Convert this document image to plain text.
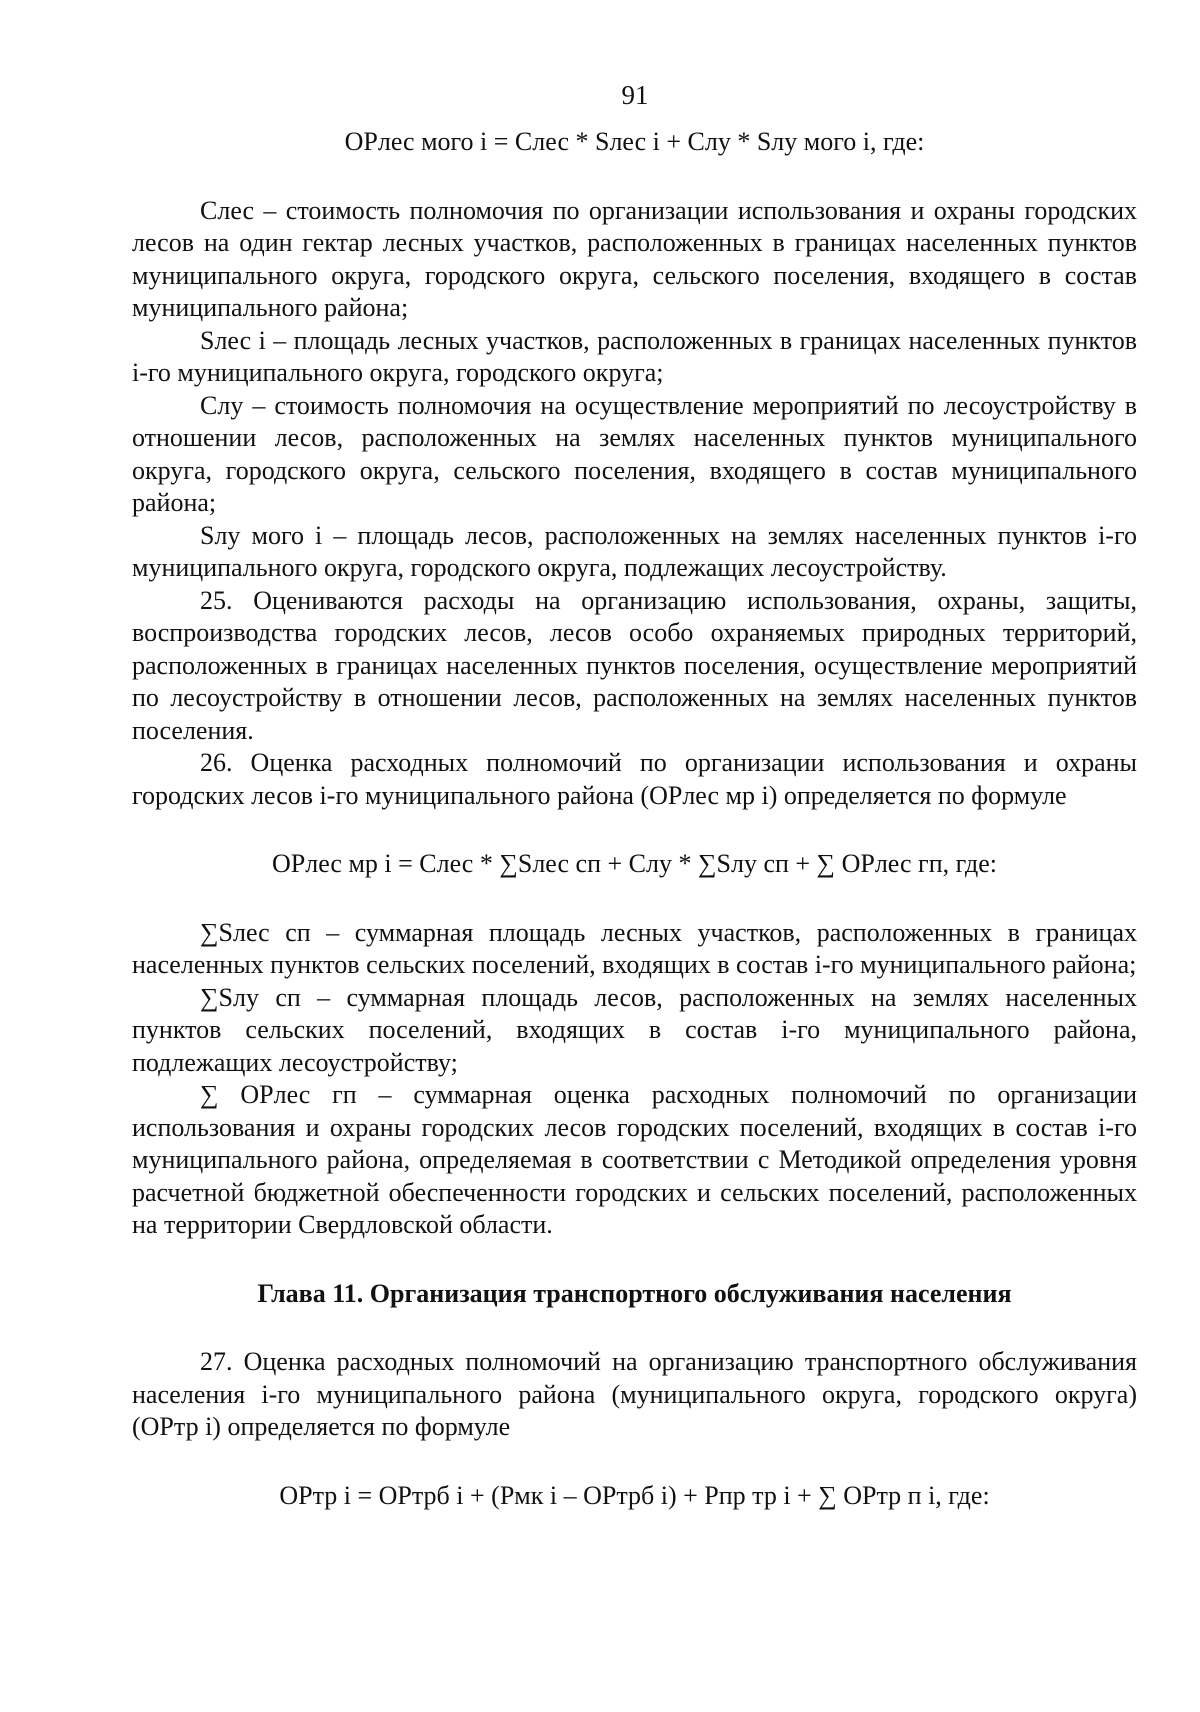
91
ОРлес мого i = Слес * Sлес i + Слу * Sлу мого i, где:

Слес – стоимость полномочия по организации использования и охраны городских лесов на один гектар лесных участков, расположенных в границах населенных пунктов муниципального округа, городского округа, сельского поселения, входящего в состав муниципального района;

Sлес i – площадь лесных участков, расположенных в границах населенных пунктов i-го муниципального округа, городского округа;

Слу – стоимость полномочия на осуществление мероприятий по лесоустройству в отношении лесов, расположенных на землях населенных пунктов муниципального округа, городского округа, сельского поселения, входящего в состав муниципального района;

Sлу мого i – площадь лесов, расположенных на землях населенных пунктов i-го муниципального округа, городского округа, подлежащих лесоустройству.

25. Оцениваются расходы на организацию использования, охраны, защиты, воспроизводства городских лесов, лесов особо охраняемых природных территорий, расположенных в границах населенных пунктов поселения, осуществление мероприятий по лесоустройству в отношении лесов, расположенных на землях населенных пунктов поселения.

26. Оценка расходных полномочий по организации использования и охраны городских лесов i-го муниципального района (ОРлес мр i) определяется по формуле

ОРлес мр i = Слес * ∑Sлес сп + Слу * ∑Sлу сп + ∑ ОРлес гп, где:

∑Sлес сп – суммарная площадь лесных участков, расположенных в границах населенных пунктов сельских поселений, входящих в состав i-го муниципального района;

∑Sлу сп – суммарная площадь лесов, расположенных на землях населенных пунктов сельских поселений, входящих в состав i-го муниципального района, подлежащих лесоустройству;

∑ ОРлес гп – суммарная оценка расходных полномочий по организации использования и охраны городских лесов городских поселений, входящих в состав i-го муниципального района, определяемая в соответствии с Методикой определения уровня расчетной бюджетной обеспеченности городских и сельских поселений, расположенных на территории Свердловской области.

Глава 11. Организация транспортного обслуживания населения

27. Оценка расходных полномочий на организацию транспортного обслуживания населения i-го муниципального района (муниципального округа, городского округа) (ОРтр i) определяется по формуле

ОРтр i = ОРтрб i + (Рмк i – ОРтрб i) + Рпр тр i + ∑ ОРтр п i, где:
